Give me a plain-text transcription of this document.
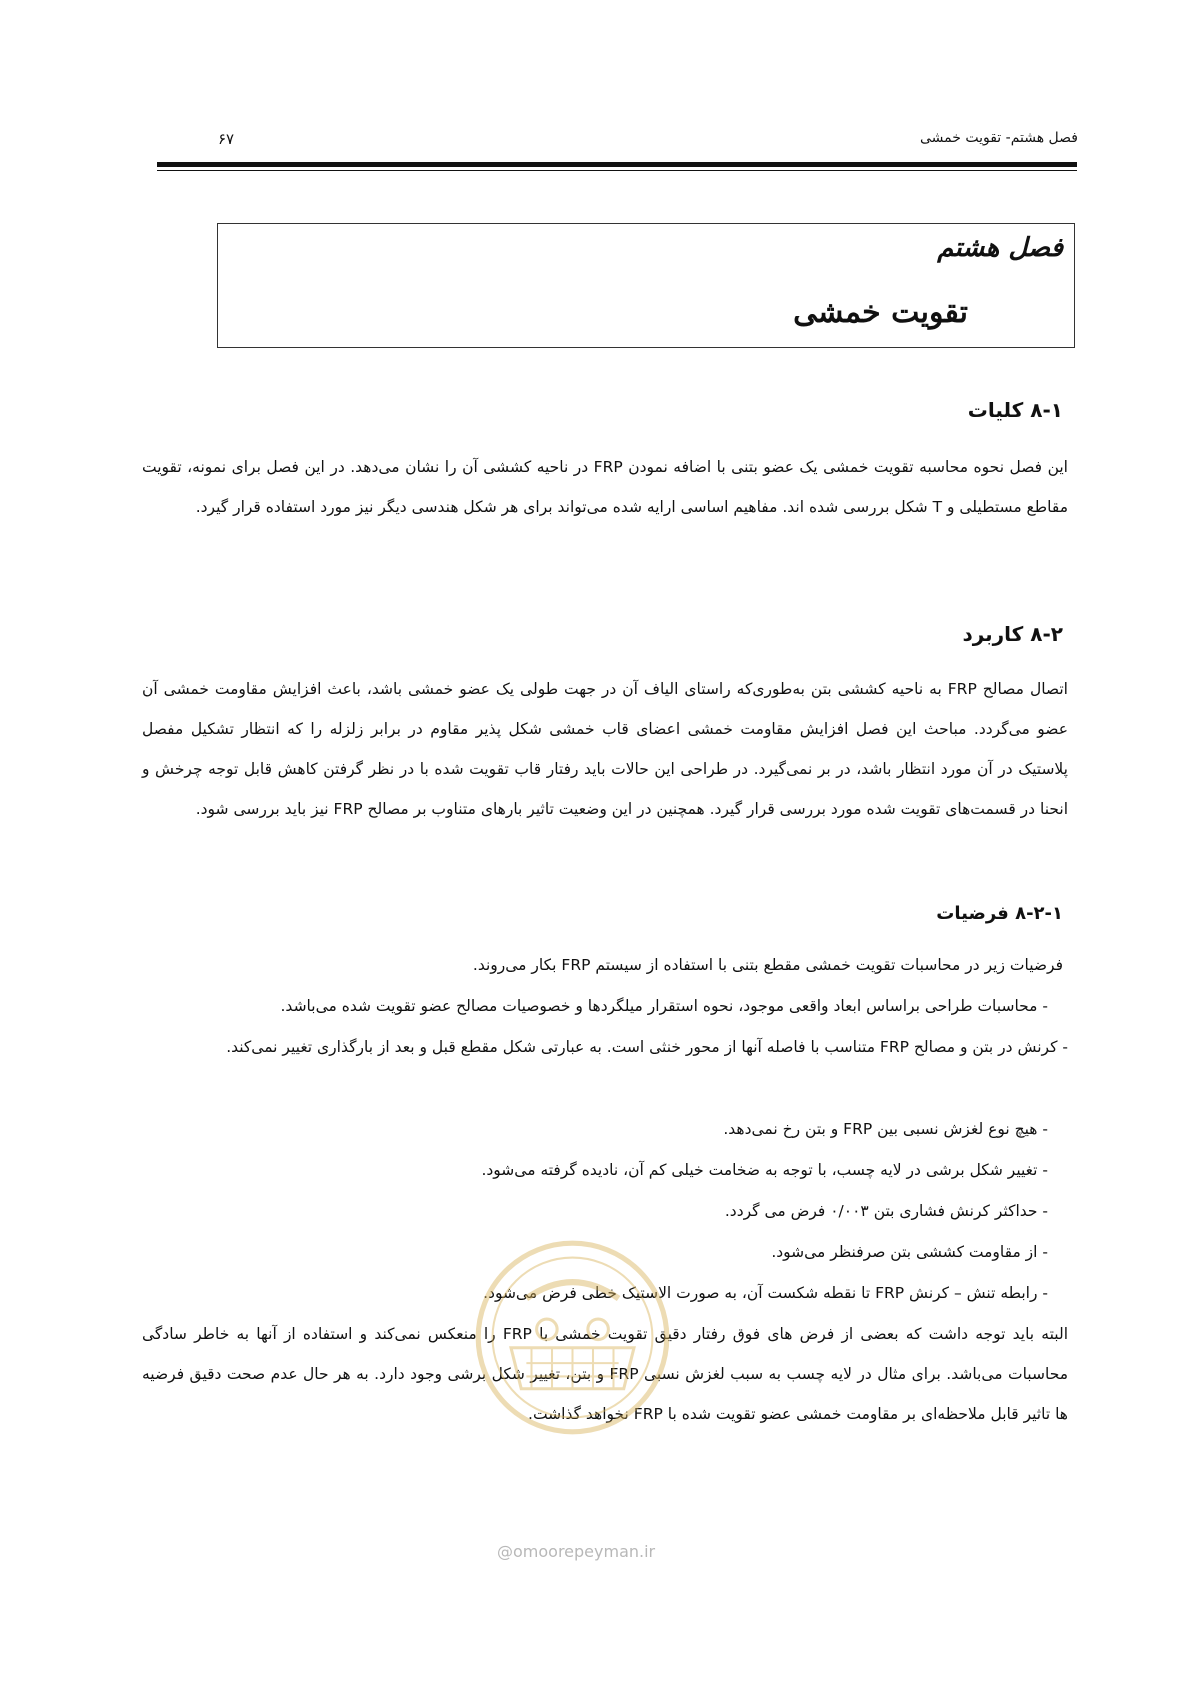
فصل هشتم- تقویت خمشی
۶۷
فصل هشتم
تقویت خمشی
۸-۱ کلیات
این فصل نحوه محاسبه تقویت خمشی یک عضو بتنی با اضافه نمودن FRP در ناحیه کششی آن را نشان می‌دهد. در این فصل برای نمونه، تقویت مقاطع مستطیلی و T شکل بررسی شده اند. مفاهیم اساسی ارایه شده می‌تواند برای هر شکل هندسی دیگر نیز مورد استفاده قرار گیرد.
۸-۲ کاربرد
اتصال مصالح FRP به ناحیه کششی بتن به‌طوری‌که راستای الیاف آن در جهت طولی یک عضو خمشی باشد، باعث افزایش مقاومت خمشی آن عضو می‌گردد. مباحث این فصل افزایش مقاومت خمشی اعضای قاب خمشی شکل پذیر مقاوم در برابر زلزله را که انتظار تشکیل مفصل پلاستیک در آن مورد انتظار باشد، در بر نمی‌گیرد. در طراحی این حالات باید رفتار قاب تقویت شده با در نظر گرفتن کاهش قابل توجه چرخش و انحنا در قسمت‌های تقویت شده مورد بررسی قرار گیرد. همچنین در این وضعیت تاثیر بارهای متناوب بر مصالح FRP نیز باید بررسی شود.
۸-۲-۱ فرضیات
فرضیات زیر در محاسبات تقویت خمشی مقطع بتنی با استفاده از سیستم FRP بکار می‌روند.
- محاسبات طراحی براساس ابعاد واقعی موجود، نحوه استقرار میلگردها و خصوصیات مصالح عضو تقویت شده می‌باشد.
- کرنش در بتن و مصالح FRP متناسب با فاصله آنها از محور خنثی است. به عبارتی شکل مقطع قبل و بعد از بارگذاری تغییر نمی‌کند.
- هیچ نوع لغزش نسبی بین FRP و بتن رخ نمی‌دهد.
- تغییر شکل برشی در لایه چسب، با توجه به ضخامت خیلی کم آن، نادیده گرفته می‌شود.
- حداکثر کرنش فشاری بتن ۰/۰۰۳ فرض می گردد.
- از مقاومت کششی بتن صرفنظر می‌شود.
- رابطه تنش – کرنش FRP تا نقطه شکست آن، به صورت الاستیک خطی فرض می‌شود.
البته باید توجه داشت که بعضی از فرض های فوق رفتار دقیق تقویت خمشی با FRP را منعکس نمی‌کند و استفاده از آنها به خاطر سادگی محاسبات می‌باشد. برای مثال در لایه چسب به سبب لغزش نسبی FRP و بتن، تغییر شکل برشی وجود دارد. به هر حال عدم صحت دقیق فرضیه ها تاثیر قابل ملاحظه‌ای بر مقاومت خمشی عضو تقویت شده با FRP نخواهد گذاشت.
@omoorepeyman.ir
